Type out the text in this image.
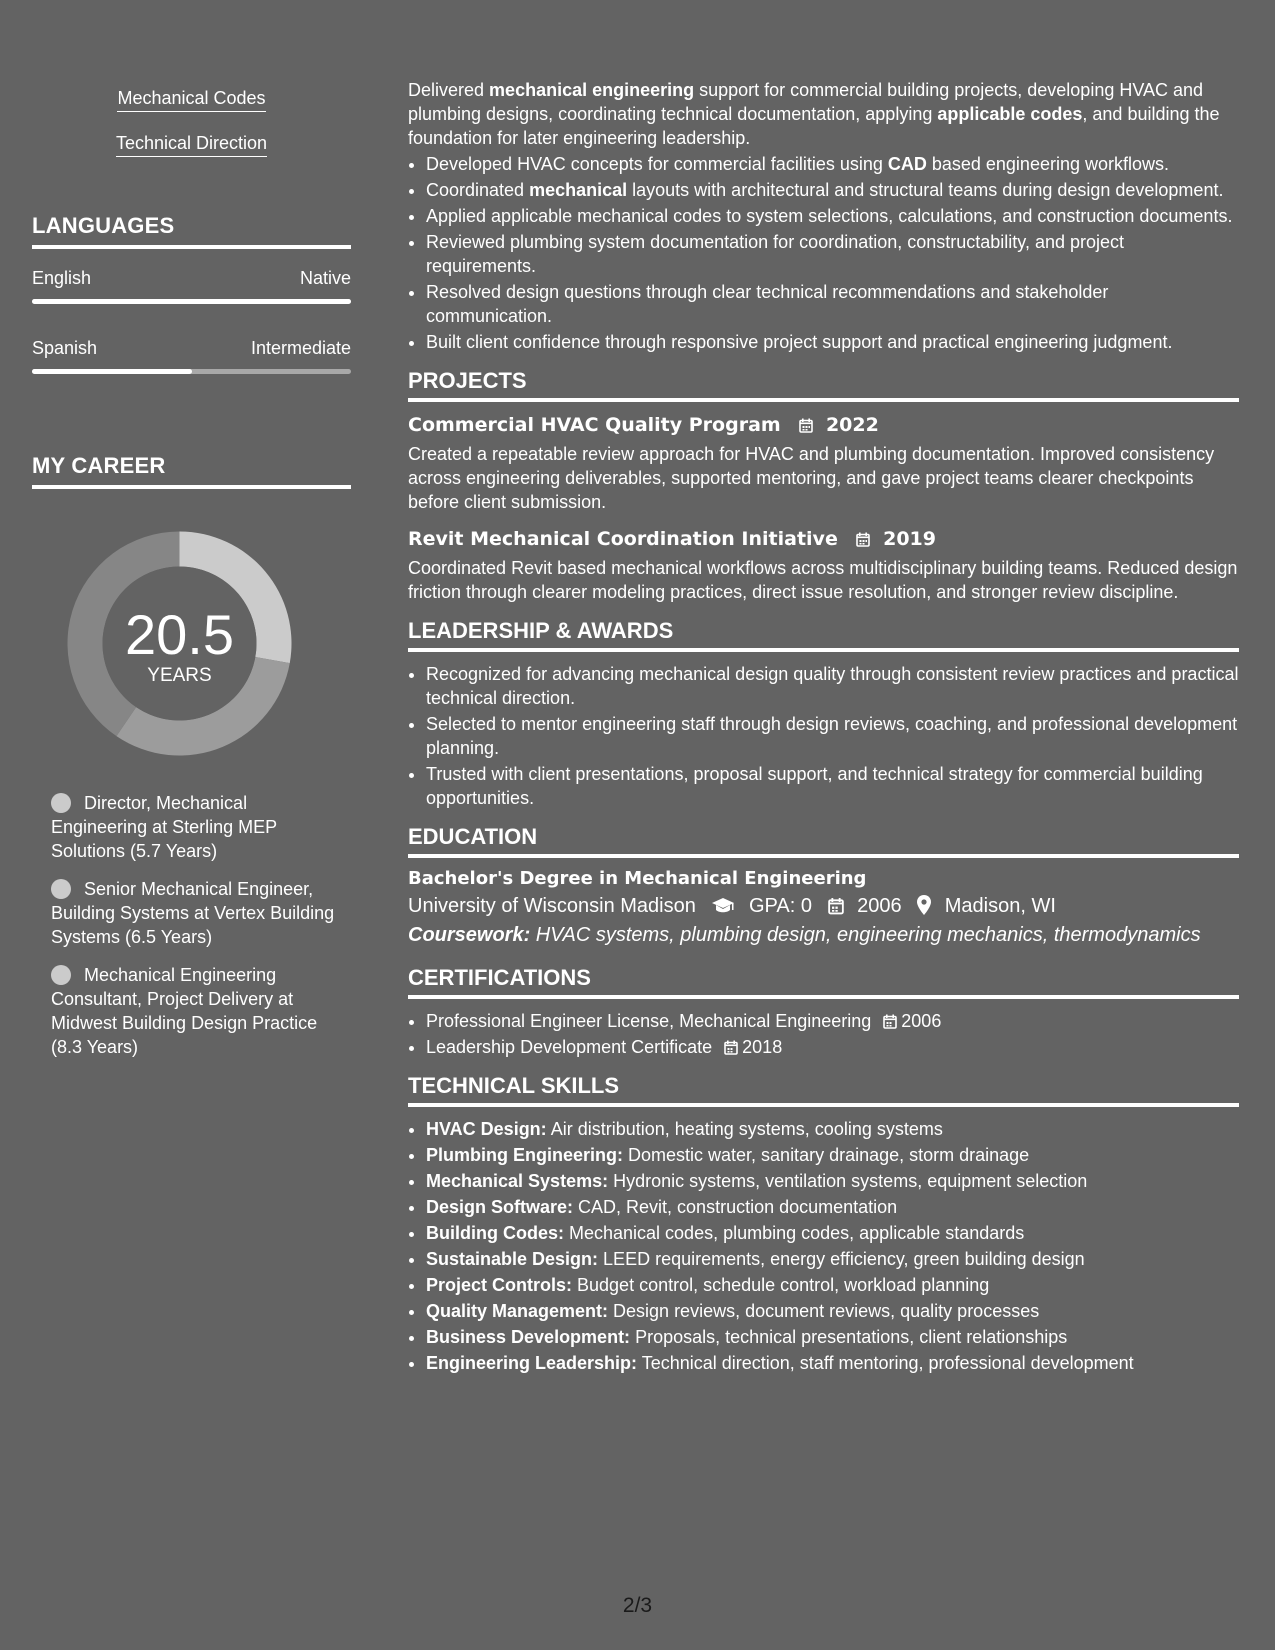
Mechanical Codes
Technical Direction
LANGUAGES
English	Native
Spanish	Intermediate
MY CAREER
20.5
YEARS
Director, Mechanical Engineering at Sterling MEP Solutions (5.7 Years)
Senior Mechanical Engineer, Building Systems at Vertex Building Systems (6.5 Years)
Mechanical Engineering Consultant, Project Delivery at Midwest Building Design Practice (8.3 Years)

Delivered mechanical engineering support for commercial building projects, developing HVAC and plumbing designs, coordinating technical documentation, applying applicable codes, and building the foundation for later engineering leadership.

• Developed HVAC concepts for commercial facilities using CAD based engineering workflows.
• Coordinated mechanical layouts with architectural and structural teams during design development.
• Applied applicable mechanical codes to system selections, calculations, and construction documents.
• Reviewed plumbing system documentation for coordination, constructability, and project requirements.
• Resolved design questions through clear technical recommendations and stakeholder communication.
• Built client confidence through responsive project support and practical engineering judgment.
PROJECTS
Commercial HVAC Quality Program 2022

Created a repeatable review approach for HVAC and plumbing documentation. Improved consistency across engineering deliverables, supported mentoring, and gave project teams clearer checkpoints before client submission.

Revit Mechanical Coordination Initiative 2019

Coordinated Revit based mechanical workflows across multidisciplinary building teams. Reduced design friction through clearer modeling practices, direct issue resolution, and stronger review discipline.

LEADERSHIP & AWARDS
• Recognized for advancing mechanical design quality through consistent review practices and practical technical direction.
• Selected to mentor engineering staff through design reviews, coaching, and professional development planning.
• Trusted with client presentations, proposal support, and technical strategy for commercial building opportunities.
EDUCATION
Bachelor's Degree in Mechanical Engineering
University of Wisconsin Madison	GPA: 0 2006 Madison, WI
Coursework: HVAC systems, plumbing design, engineering mechanics, thermodynamics
CERTIFICATIONS
• Professional Engineer License, Mechanical Engineering 2006
• Leadership Development Certificate 2018
TECHNICAL SKILLS
• HVAC Design: Air distribution, heating systems, cooling systems
• Plumbing Engineering: Domestic water, sanitary drainage, storm drainage
• Mechanical Systems: Hydronic systems, ventilation systems, equipment selection
• Design Software: CAD, Revit, construction documentation
• Building Codes: Mechanical codes, plumbing codes, applicable standards
• Sustainable Design: LEED requirements, energy efficiency, green building design
• Project Controls: Budget control, schedule control, workload planning
• Quality Management: Design reviews, document reviews, quality processes
• Business Development: Proposals, technical presentations, client relationships
• Engineering Leadership: Technical direction, staff mentoring, professional development
2/3
